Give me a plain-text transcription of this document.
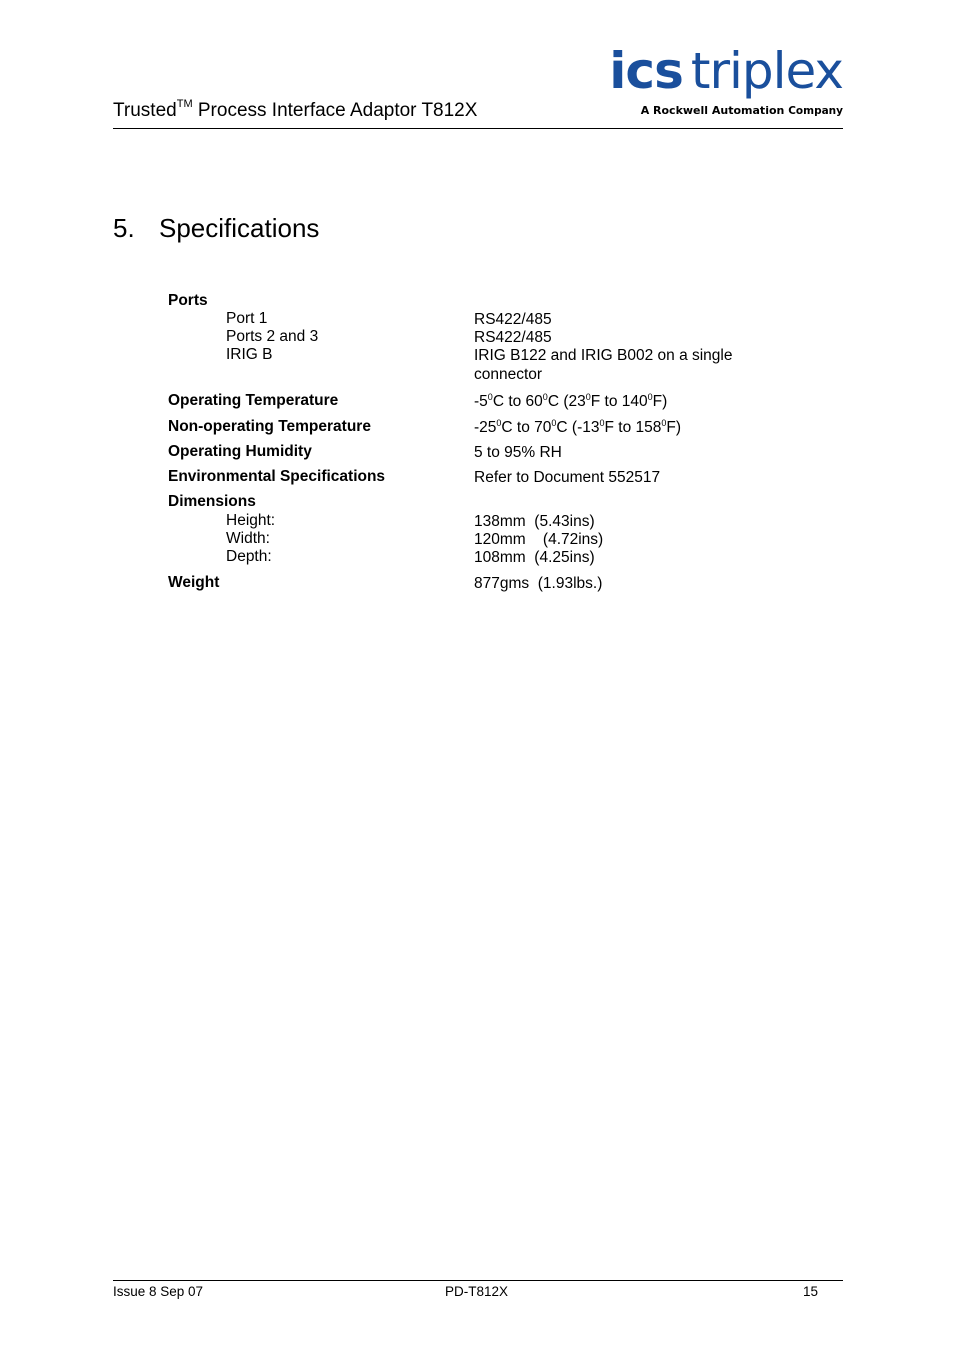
Trusted™ Process Interface Adaptor T812X
ics triplex
A Rockwell Automation Company
5. Specifications
Ports
Port 1	RS422/485
Ports 2 and 3	RS422/485
IRIG B	IRIG B122 and IRIG B002 on a single connector
Operating Temperature	$-5^0C$ to $60^0C$ ($23^0F$ to $140^0F$)
Non-operating Temperature	$-25^0C$ to $70^0C$ ($-13^0F$ to $158^0F$)
Operating Humidity	5 to 95% RH
Environmental Specifications	Refer to Document 552517
Dimensions
Height:	138mm  (5.43ins)
Width:	120mm    (4.72ins)
Depth:	108mm  (4.25ins)
Weight	877gms  (1.93lbs.)
Issue 8 Sep 07	PD-T812X	15
